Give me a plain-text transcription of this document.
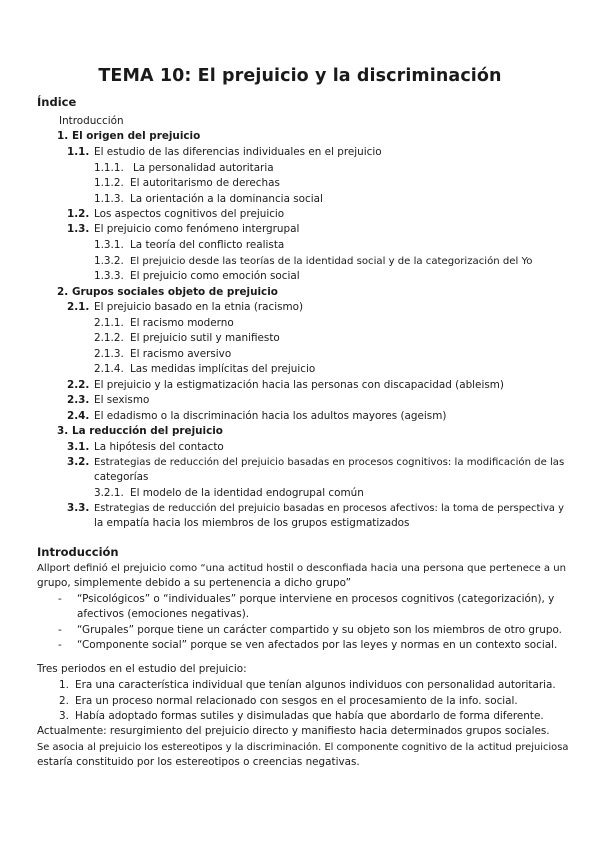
TEMA 10: El prejuicio y la discriminación
Índice
Introducción
1. El origen del prejuicio
1.1. El estudio de las diferencias individuales en el prejuicio
1.1.1. La personalidad autoritaria
1.1.2. El autoritarismo de derechas
1.1.3. La orientación a la dominancia social
1.2. Los aspectos cognitivos del prejuicio
1.3. El prejuicio como fenómeno intergrupal
1.3.1. La teoría del conflicto realista
1.3.2. El prejuicio desde las teorías de la identidad social y de la categorización del Yo
1.3.3. El prejuicio como emoción social
2. Grupos sociales objeto de prejuicio
2.1. El prejuicio basado en la etnia (racismo)
2.1.1. El racismo moderno
2.1.2. El prejuicio sutil y manifiesto
2.1.3. El racismo aversivo
2.1.4. Las medidas implícitas del prejuicio
2.2. El prejuicio y la estigmatización hacia las personas con discapacidad (ableism)
2.3. El sexismo
2.4. El edadismo o la discriminación hacia los adultos mayores (ageism)
3. La reducción del prejuicio
3.1. La hipótesis del contacto
3.2. Estrategias de reducción del prejuicio basadas en procesos cognitivos: la modificación de las
categorías
3.2.1. El modelo de la identidad endogrupal común
3.3. Estrategias de reducción del prejuicio basadas en procesos afectivos: la toma de perspectiva y
la empatía hacia los miembros de los grupos estigmatizados
Introducción
Allport definió el prejuicio como “una actitud hostil o desconfiada hacia una persona que pertenece a un
grupo, simplemente debido a su pertenencia a dicho grupo”
- “Psicológicos” o “individuales” porque interviene en procesos cognitivos (categorización), y
afectivos (emociones negativas).
- “Grupales” porque tiene un carácter compartido y su objeto son los miembros de otro grupo.
- “Componente social” porque se ven afectados por las leyes y normas en un contexto social.
Tres periodos en el estudio del prejuicio:
1. Era una característica individual que tenían algunos individuos con personalidad autoritaria.
2. Era un proceso normal relacionado con sesgos en el procesamiento de la info. social.
3. Había adoptado formas sutiles y disimuladas que había que abordarlo de forma diferente.
Actualmente: resurgimiento del prejuicio directo y manifiesto hacia determinados grupos sociales.
Se asocia al prejuicio los estereotipos y la discriminación. El componente cognitivo de la actitud prejuiciosa
estaría constituido por los estereotipos o creencias negativas.
